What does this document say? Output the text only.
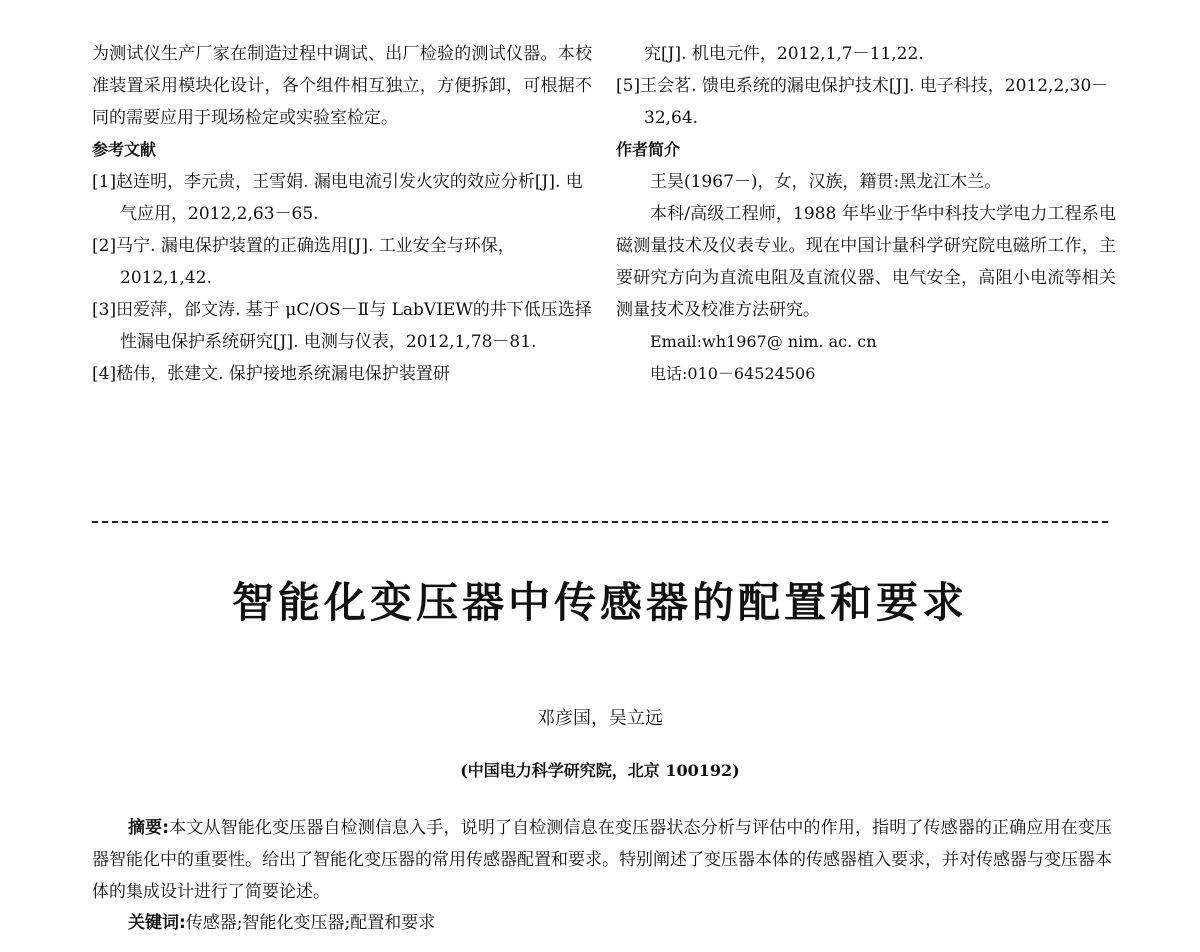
为测试仪生产厂家在制造过程中调试、出厂检验的测试仪器。本校准装置采用模块化设计，各个组件相互独立，方便拆卸，可根据不同的需要应用于现场检定或实验室检定。

参考文献

[1]赵连明，李元贵，王雪娟. 漏电电流引发火灾的效应分析[J]. 电气应用，2012,2,63－65.

[2]马宁. 漏电保护装置的正确选用[J]. 工业安全与环保，2012,1,42.

[3]田爱萍，郃文涛. 基于 μC/OS－Ⅱ与 LabVIEW的井下低压选择性漏电保护系统研究[J]. 电测与仪表，2012,1,78－81.

[4]嵇伟，张建文. 保护接地系统漏电保护装置研

究[J]. 机电元件，2012,1,7－11,22.

[5]王会茗. 馈电系统的漏电保护技术[J]. 电子科技，2012,2,30－32,64.

作者简介

王昊(1967－)，女，汉族，籍贯:黑龙江木兰。

本科/高级工程师，1988 年毕业于华中科技大学电力工程系电磁测量技术及仪表专业。现在中国计量科学研究院电磁所工作，主要研究方向为直流电阻及直流仪器、电气安全，高阻小电流等相关测量技术及校准方法研究。

Email:wh1967@ nim. ac. cn

电话:010－64524506

智能化变压器中传感器的配置和要求
邓彦国，吴立远
(中国电力科学研究院，北京 100192)

摘要:本文从智能化变压器自检测信息入手，说明了自检测信息在变压器状态分析与评估中的作用，指明了传感器的正确应用在变压器智能化中的重要性。给出了智能化变压器的常用传感器配置和要求。特别阐述了变压器本体的传感器植入要求，并对传感器与变压器本体的集成设计进行了简要论述。

关键词:传感器;智能化变压器;配置和要求
